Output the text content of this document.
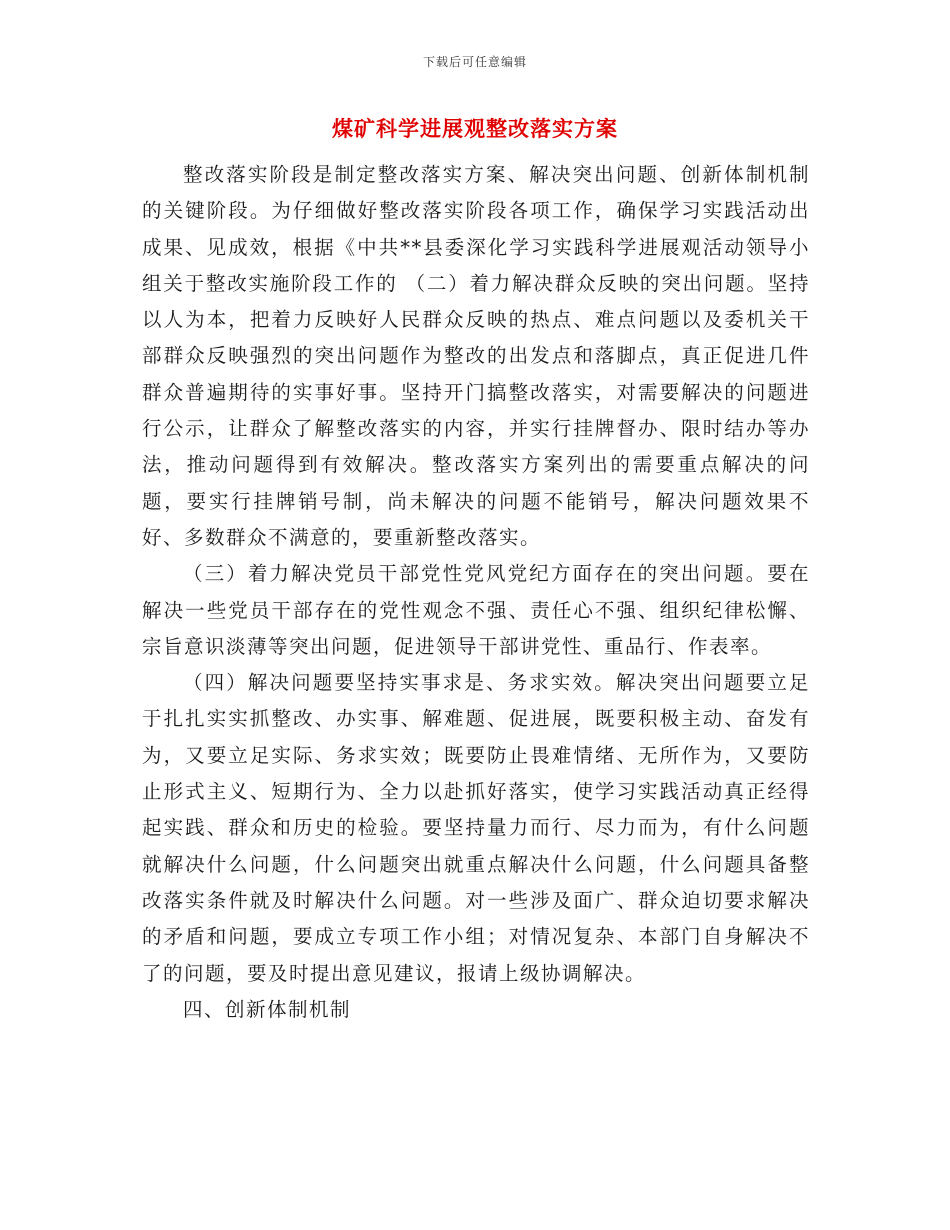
下载后可任意编辑
煤矿科学进展观整改落实方案

整改落实阶段是制定整改落实方案、解决突出问题、创新体制机制的关键阶段。为仔细做好整改落实阶段各项工作，确保学习实践活动出成果、见成效，根据《中共**县委深化学习实践科学进展观活动领导小组关于整改实施阶段工作的 （二）着力解决群众反映的突出问题。坚持以人为本，把着力反映好人民群众反映的热点、难点问题以及委机关干部群众反映强烈的突出问题作为整改的出发点和落脚点，真正促进几件群众普遍期待的实事好事。坚持开门搞整改落实，对需要解决的问题进行公示，让群众了解整改落实的内容，并实行挂牌督办、限时结办等办法，推动问题得到有效解决。整改落实方案列出的需要重点解决的问题，要实行挂牌销号制，尚未解决的问题不能销号，解决问题效果不好、多数群众不满意的，要重新整改落实。

（三）着力解决党员干部党性党风党纪方面存在的突出问题。要在解决一些党员干部存在的党性观念不强、责任心不强、组织纪律松懈、宗旨意识淡薄等突出问题，促进领导干部讲党性、重品行、作表率。

（四）解决问题要坚持实事求是、务求实效。解决突出问题要立足于扎扎实实抓整改、办实事、解难题、促进展，既要积极主动、奋发有为，又要立足实际、务求实效；既要防止畏难情绪、无所作为，又要防止形式主义、短期行为、全力以赴抓好落实，使学习实践活动真正经得起实践、群众和历史的检验。要坚持量力而行、尽力而为，有什么问题就解决什么问题，什么问题突出就重点解决什么问题，什么问题具备整改落实条件就及时解决什么问题。对一些涉及面广、群众迫切要求解决的矛盾和问题，要成立专项工作小组；对情况复杂、本部门自身解决不了的问题，要及时提出意见建议，报请上级协调解决。

四、创新体制机制
